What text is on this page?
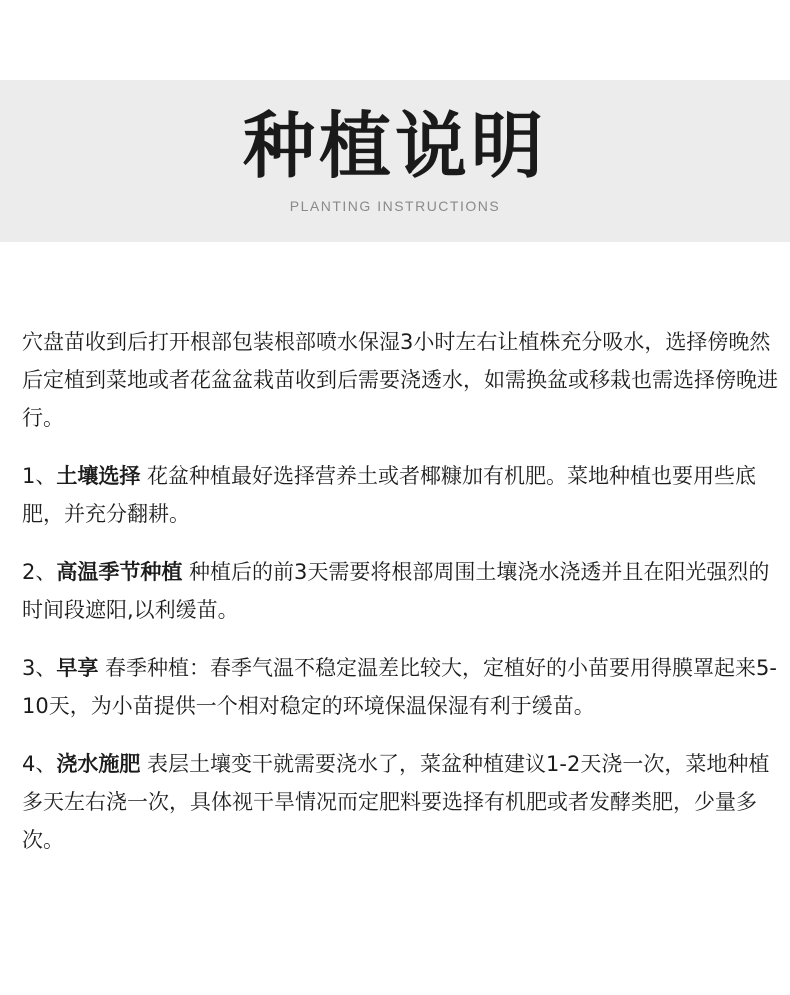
种植说明
PLANTING INSTRUCTIONS

穴盘苗收到后打开根部包装根部喷水保湿3小时左右让植株充分吸水，选择傍晚然后定植到菜地或者花盆盆栽苗收到后需要浇透水，如需换盆或移栽也需选择傍晚进行。

1、土壤选择 花盆种植最好选择营养土或者椰糠加有机肥。菜地种植也要用些底肥，并充分翻耕。

2、高温季节种植 种植后的前3天需要将根部周围土壤浇水浇透并且在阳光强烈的时间段遮阳,以利缓苗。

3、早享 春季种植：春季气温不稳定温差比较大，定植好的小苗要用得膜罩起来5-10天，为小苗提供一个相对稳定的环境保温保湿有利于缓苗。

4、浇水施肥 表层土壤变干就需要浇水了，菜盆种植建议1-2天浇一次，菜地种植多天左右浇一次，具体视干旱情况而定肥料要选择有机肥或者发酵类肥，少量多次。
